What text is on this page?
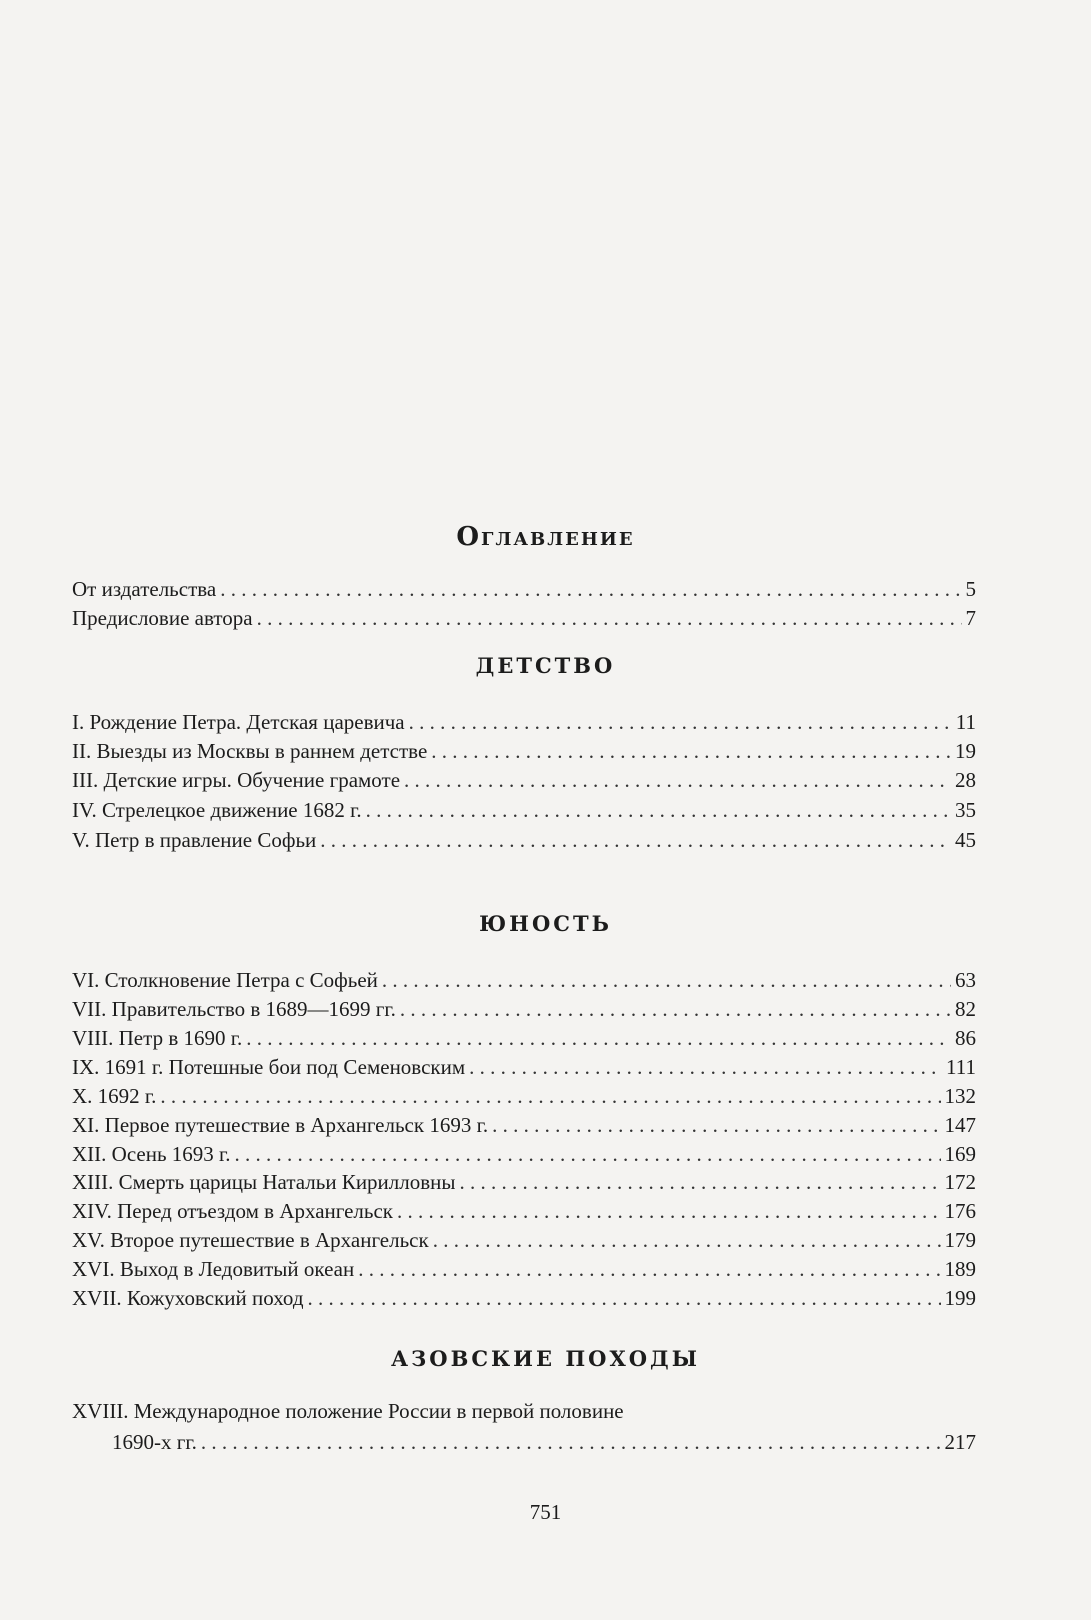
Оглавление
От издательства . . .	5
Предисловие автора . . .	7
ДЕТСТВО
I. Рождение Петра. Детская царевича . . .	11
II. Выезды из Москвы в раннем детстве . . .	19
III. Детские игры. Обучение грамоте . . .	28
IV. Стрелецкое движение 1682 г. . . .	35
V. Петр в правление Софьи . . .	45
ЮНОСТЬ
VI. Столкновение Петра с Софьей . . .	63
VII. Правительство в 1689—1699 гг. . . .	82
VIII. Петр в 1690 г. . . .	86
IX. 1691 г. Потешные бои под Семеновским . . .	111
X. 1692 г. . . .	132
XI. Первое путешествие в Архангельск 1693 г. . . .	147
XII. Осень 1693 г. . . .	169
XIII. Смерть царицы Натальи Кирилловны . . .	172
XIV. Перед отъездом в Архангельск . . .	176
XV. Второе путешествие в Архангельск . . .	179
XVI. Выход в Ледовитый океан . . .	189
XVII. Кожуховский поход . . .	199
АЗОВСКИЕ ПОХОДЫ
XVIII. Международное положение России в первой половине
1690-х гг. . . .	217
751
